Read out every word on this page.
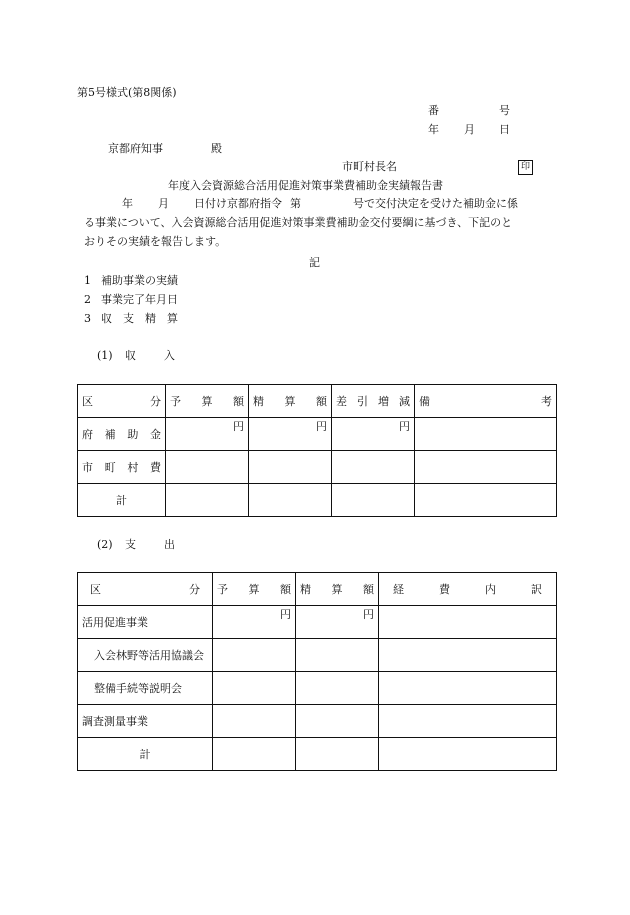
第5号様式(第8関係)
番	号
年 月 日
京都府知事	殿
市町村長名	印
年度入会資源総合活用促進対策事業費補助金実績報告書
年 月 日付け京都府指令 第	号で交付決定を受けた補助金に係
る事業について、入会資源総合活用促進対策事業費補助金交付要綱に基づき、下記のと
おりその実績を報告します。
記
1 補助事業の実績
2 事業完了年月日
3 収　支　精　算
(1) 収	入
区 分	予 算 額	精 算 額	差 引 増 減	備 考

府 補 助 金	円	円	円	

市 町 村 費				

計				
(2) 支	出
区 分	予 算 額	精 算 額	経 費 内 訳

活用促進事業	円	円	
入会林野等活用協議会			
整備手続等説明会			
調査測量事業			
計			
